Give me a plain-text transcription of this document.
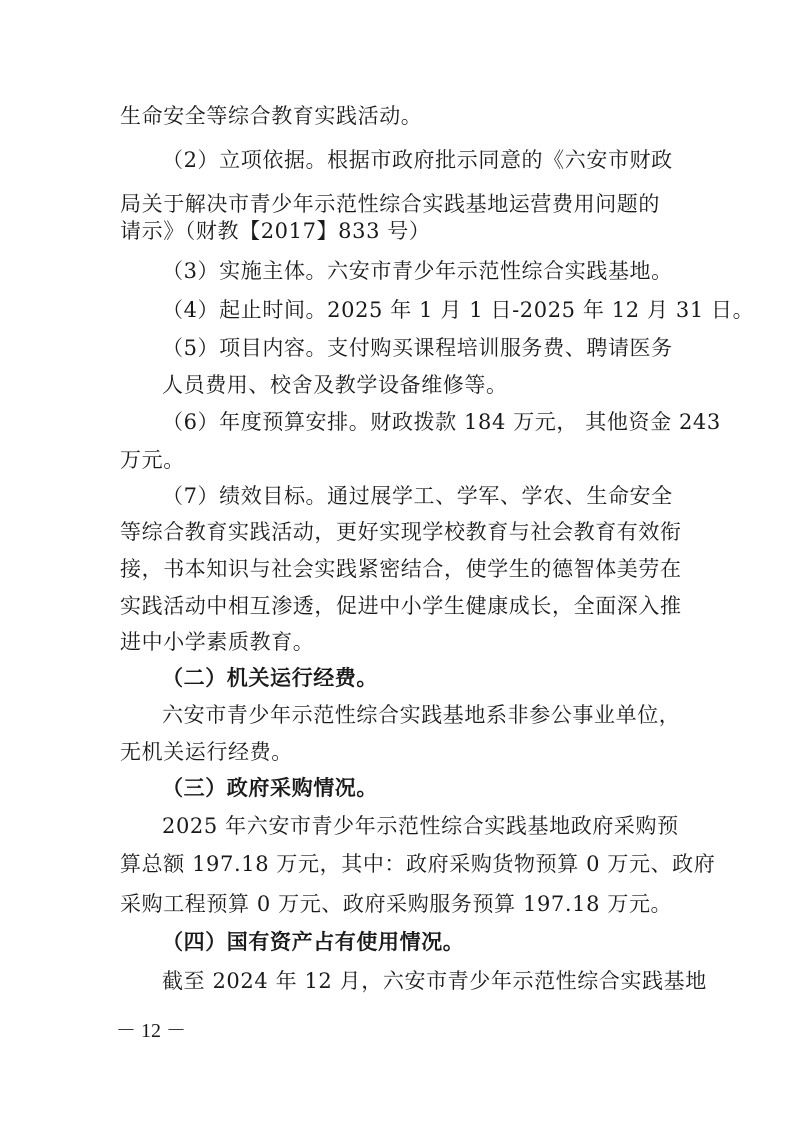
生命安全等综合教育实践活动。
（2）立项依据。根据市政府批示同意的《六安市财政
局关于解决市青少年示范性综合实践基地运营费用问题的
请示》（财教【2017】833 号）
（3）实施主体。六安市青少年示范性综合实践基地。
（4）起止时间。2025 年 1 月 1 日-2025 年 12 月 31 日。
（5）项目内容。支付购买课程培训服务费、聘请医务
人员费用、校舍及教学设备维修等。
（6）年度预算安排。财政拨款 184 万元， 其他资金 243
万元。
（7）绩效目标。通过展学工、学军、学农、生命安全
等综合教育实践活动，更好实现学校教育与社会教育有效衔
接，书本知识与社会实践紧密结合，使学生的德智体美劳在
实践活动中相互渗透，促进中小学生健康成长，全面深入推
进中小学素质教育。
（二）机关运行经费。
六安市青少年示范性综合实践基地系非参公事业单位，
无机关运行经费。
（三）政府采购情况。
2025 年六安市青少年示范性综合实践基地政府采购预
算总额 197.18 万元，其中：政府采购货物预算 0 万元、政府
采购工程预算 0 万元、政府采购服务预算 197.18 万元。
（四）国有资产占有使用情况。
截至 2024 年 12 月，六安市青少年示范性综合实践基地
－ 12 －
